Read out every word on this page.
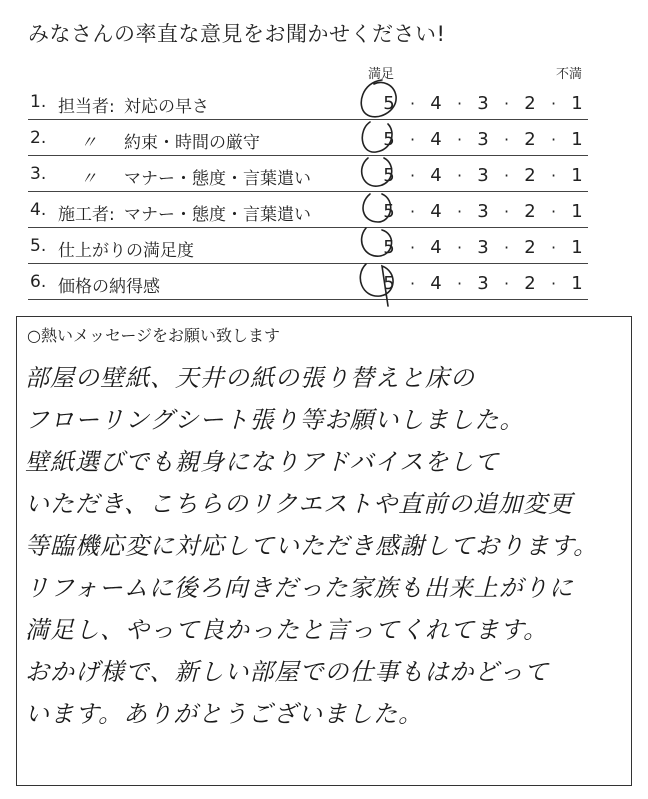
みなさんの率直な意見をお聞かせください!
満足	不満
1. 担当者: 対応の早さ	5 · 4 · 3 · 2 · 1
2. 〃 約束・時間の厳守	5 · 4 · 3 · 2 · 1
3. 〃 マナー・態度・言葉遣い	5 · 4 · 3 · 2 · 1
4. 施工者: マナー・態度・言葉遣い	5 · 4 · 3 · 2 · 1
5. 仕上がりの満足度	5 · 4 · 3 · 2 · 1
6. 価格の納得感	5 · 4 · 3 · 2 · 1
○熱いメッセージをお願い致します
部屋の壁紙、天井の紙の張り替えと床の
フローリングシート張り等お願いしました。
壁紙選びでも親身になりアドバイスをして
いただき、こちらのリクエストや直前の追加変更
等臨機応変に対応していただき感謝しております。
リフォームに後ろ向きだった家族も出来上がりに
満足し、やって良かったと言ってくれてます。
おかげ様で、新しい部屋での仕事もはかどって
います。ありがとうございました。
